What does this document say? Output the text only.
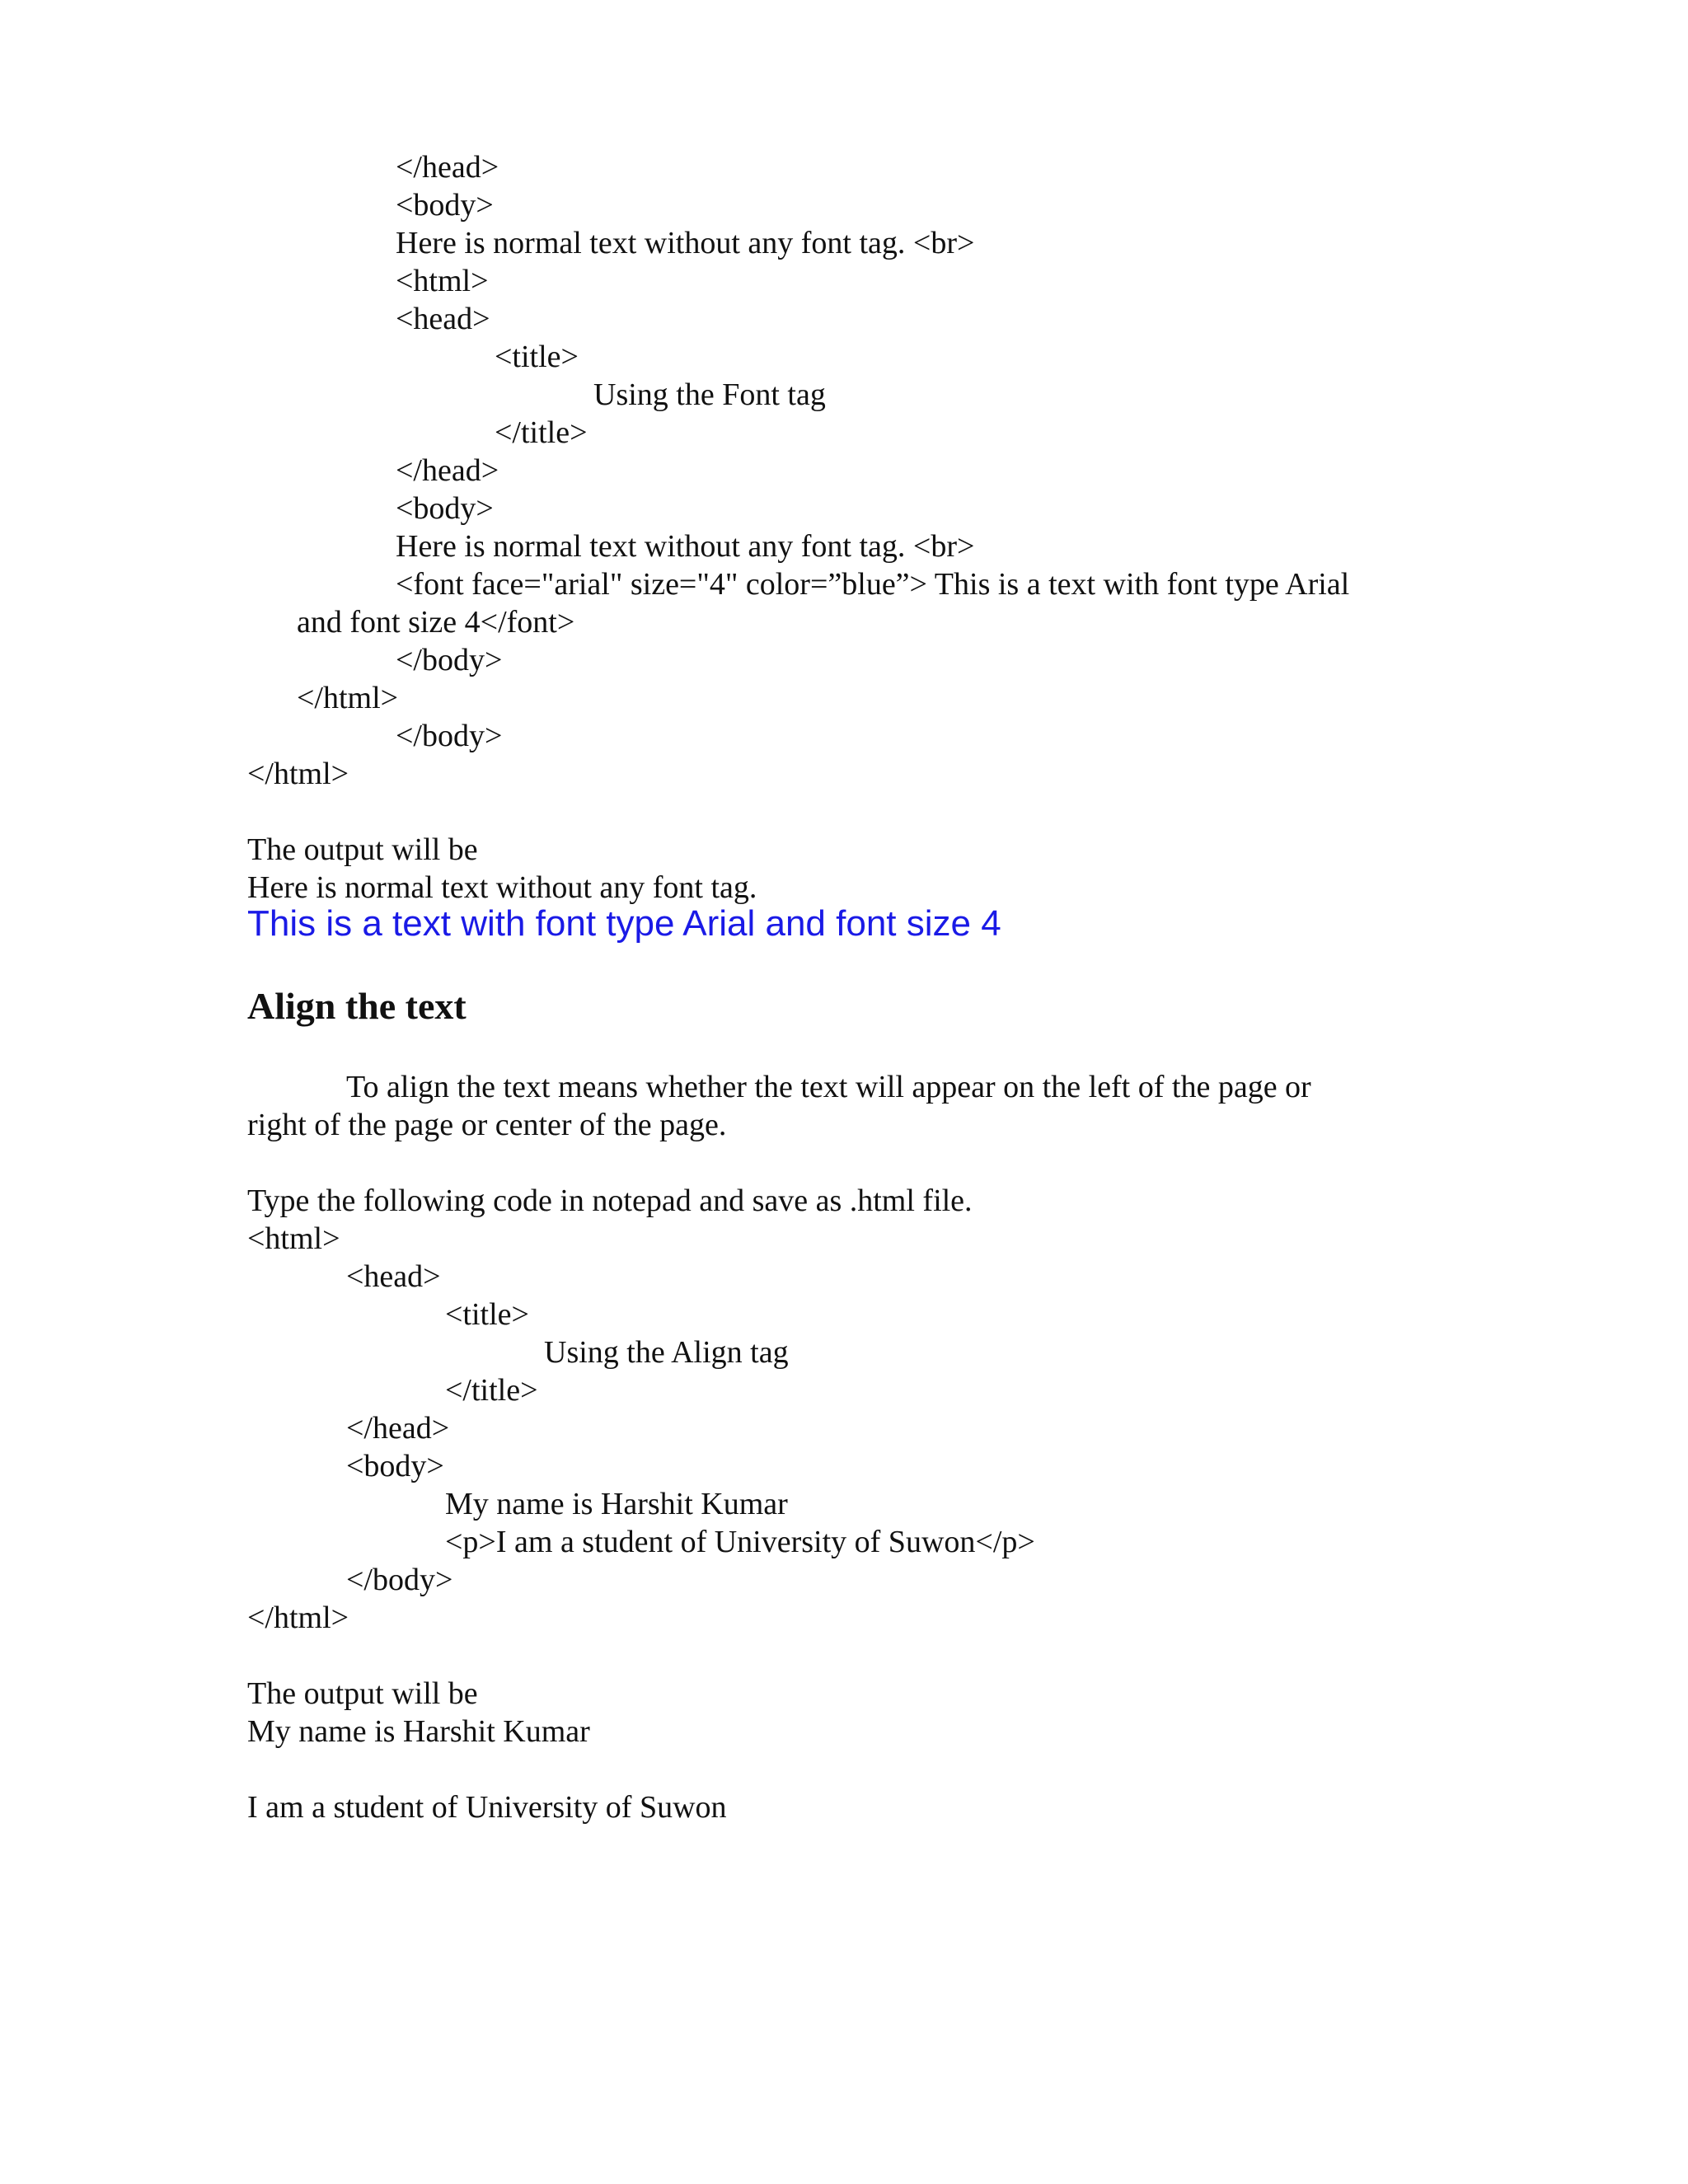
</head>
<body>
Here is normal text without any font tag. <br>
<html>
<head>
<title>
Using the Font tag
</title>
</head>
<body>
Here is normal text without any font tag. <br>
<font face="arial" size="4" color=”blue”> This is a text with font type Arial
and font size 4</font>
</body>
</html>
</body>
</html>
The output will be
Here is normal text without any font tag.
This is a text with font type Arial and font size 4
Align the text
To align the text means whether the text will appear on the left of the page or
right of the page or center of the page.
Type the following code in notepad and save as .html file.
<html>
<head>
<title>
Using the Align tag
</title>
</head>
<body>
My name is Harshit Kumar
<p>I am a student of University of Suwon</p>
</body>
</html>
The output will be
My name is Harshit Kumar
I am a student of University of Suwon
